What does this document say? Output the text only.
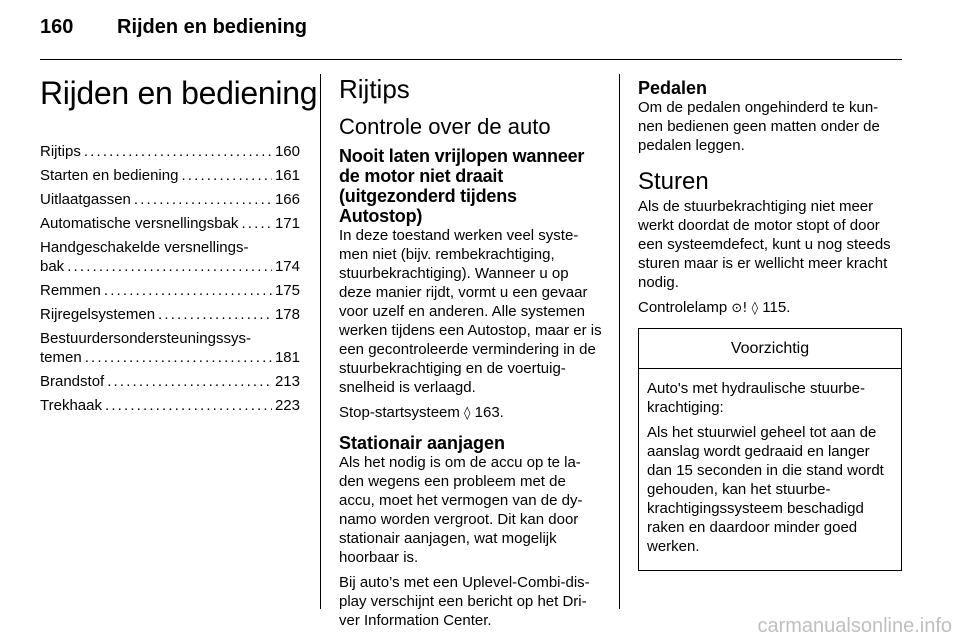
160 Rijden en bediening
Rijden en bediening
Rijtips . . .	160
Starten en bediening . . .	161
Uitlaatgassen . . .	166
Automatische versnellingsbak . . . 171
Handgeschakelde versnellings-
bak . . .	174
Remmen . . .	175
Rijregelsystemen . . .	178
Bestuurdersondersteuningssys-
temen . . .	181
Brandstof . . .	213
Trekhaak . . .	223
Rijtips
Controle over de auto
Nooit laten vrijlopen wanneer de motor niet draait (uitgezonderd tijdens Autostop)

In deze toestand werken veel syste-men niet (bijv. rembekrachtiging, stuurbekrachtiging). Wanneer u op deze manier rijdt, vormt u een gevaar voor uzelf en anderen. Alle systemen werken tijdens een Autostop, maar er is een gecontroleerde vermindering in de stuurbekrachtiging en de voertuig-snelheid is verlaagd.

Stop-startsysteem ◊ 163.

Stationair aanjagen

Als het nodig is om de accu op te la-den wegens een probleem met de accu, moet het vermogen van de dy-namo worden vergroot. Dit kan door stationair aanjagen, wat mogelijk hoorbaar is.

Bij auto’s met een Uplevel-Combi-dis-play verschijnt een bericht op het Dri-ver Information Center.

Pedalen

Om de pedalen ongehinderd te kun-nen bedienen geen matten onder de pedalen leggen.

Sturen

Als de stuurbekrachtiging niet meer werkt doordat de motor stopt of door een systeemdefect, kunt u nog steeds sturen maar is er wellicht meer kracht nodig.

Controlelamp ⊙! ◊ 115.

Voorzichtig

Auto's met hydraulische stuurbe-krachtiging:

Als het stuurwiel geheel tot aan de aanslag wordt gedraaid en langer dan 15 seconden in die stand wordt gehouden, kan het stuurbe-krachtigingssysteem beschadigd raken en daardoor minder goed werken.

carmanualsonline.info
